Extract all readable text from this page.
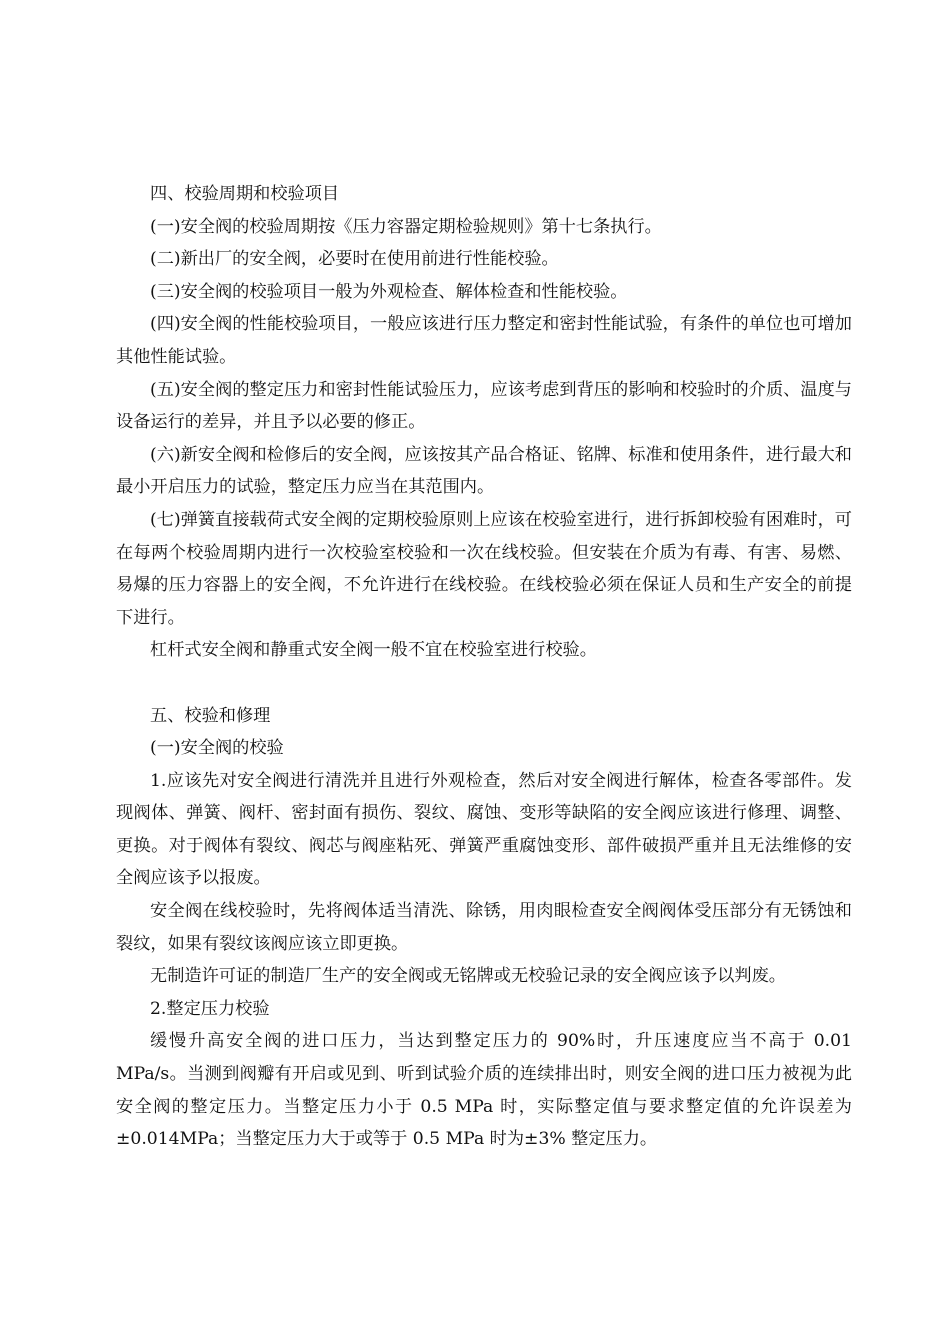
四、校验周期和校验项目

(一)安全阀的校验周期按《压力容器定期检验规则》第十七条执行。

(二)新出厂的安全阀，必要时在使用前进行性能校验。

(三)安全阀的校验项目一般为外观检查、解体检查和性能校验。

(四)安全阀的性能校验项目，一般应该进行压力整定和密封性能试验，有条件的单位也可增加其他性能试验。

(五)安全阀的整定压力和密封性能试验压力，应该考虑到背压的影响和校验时的介质、温度与设备运行的差异，并且予以必要的修正。

(六)新安全阀和检修后的安全阀，应该按其产品合格证、铭牌、标准和使用条件，进行最大和最小开启压力的试验，整定压力应当在其范围内。

(七)弹簧直接载荷式安全阀的定期校验原则上应该在校验室进行，进行拆卸校验有困难时，可在每两个校验周期内进行一次校验室校验和一次在线校验。但安装在介质为有毒、有害、易燃、易爆的压力容器上的安全阀，不允许进行在线校验。在线校验必须在保证人员和生产安全的前提下进行。

杠杆式安全阀和静重式安全阀一般不宜在校验室进行校验。

五、校验和修理

(一)安全阀的校验

1.应该先对安全阀进行清洗并且进行外观检查，然后对安全阀进行解体，检查各零部件。发现阀体、弹簧、阀杆、密封面有损伤、裂纹、腐蚀、变形等缺陷的安全阀应该进行修理、调整、更换。对于阀体有裂纹、阀芯与阀座粘死、弹簧严重腐蚀变形、部件破损严重并且无法维修的安全阀应该予以报废。

安全阀在线校验时，先将阀体适当清洗、除锈，用肉眼检查安全阀阀体受压部分有无锈蚀和裂纹，如果有裂纹该阀应该立即更换。

无制造许可证的制造厂生产的安全阀或无铭牌或无校验记录的安全阀应该予以判废。

2.整定压力校验

缓慢升高安全阀的进口压力，当达到整定压力的 90%时，升压速度应当不高于 0.01 MPa/s。当测到阀瓣有开启或见到、听到试验介质的连续排出时，则安全阀的进口压力被视为此安全阀的整定压力。当整定压力小于 0.5 MPa 时，实际整定值与要求整定值的允许误差为±0.014MPa；当整定压力大于或等于 0.5 MPa 时为±3% 整定压力。
